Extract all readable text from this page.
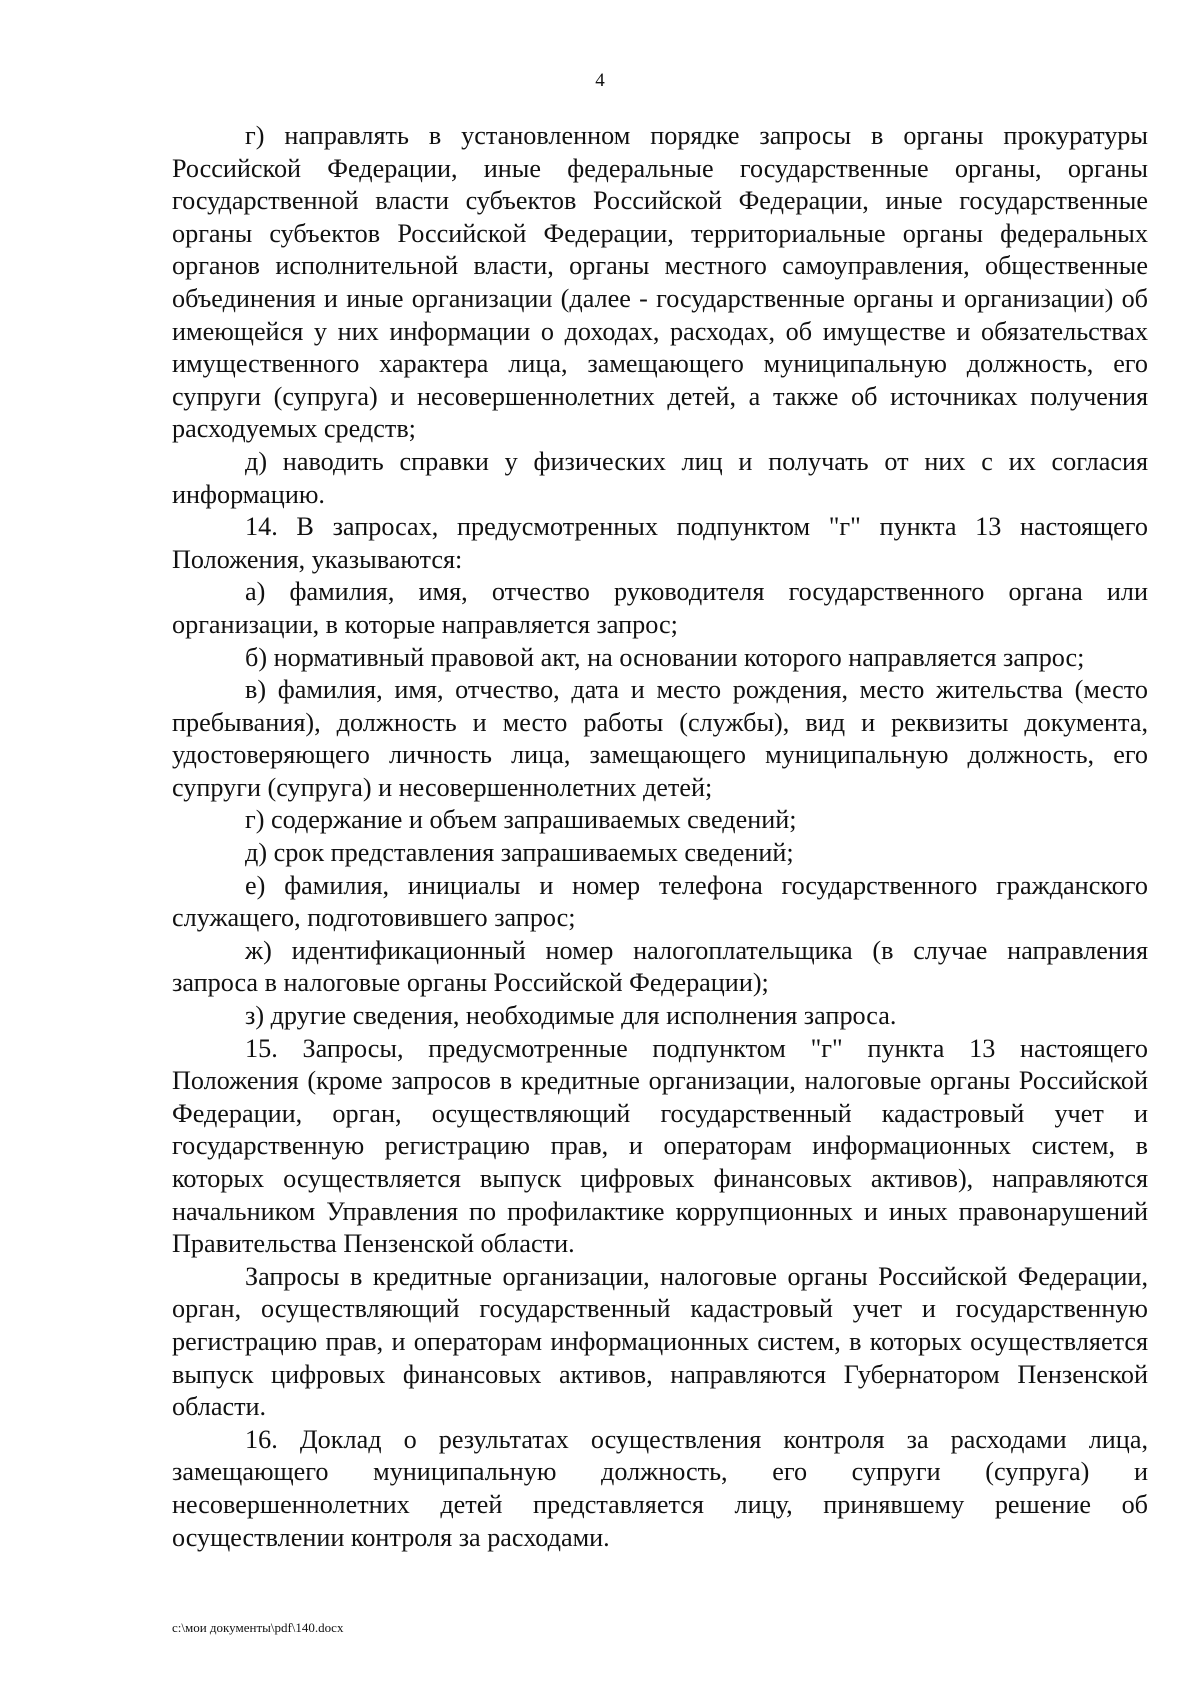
4

г) направлять в установленном порядке запросы в органы прокуратуры Российской Федерации, иные федеральные государственные органы, органы государственной власти субъектов Российской Федерации, иные государственные органы субъектов Российской Федерации, территориальные органы федеральных органов исполнительной власти, органы местного самоуправления, общественные объединения и иные организации (далее - государственные органы и организации) об имеющейся у них информации о доходах, расходах, об имуществе и обязательствах имущественного характера лица, замещающего муниципальную должность, его супруги (супруга) и несовершеннолетних детей, а также об источниках получения расходуемых средств;

д) наводить справки у физических лиц и получать от них с их согласия информацию.

14. В запросах, предусмотренных подпунктом "г" пункта 13 настоящего Положения, указываются:

а) фамилия, имя, отчество руководителя государственного органа или организации, в которые направляется запрос;

б) нормативный правовой акт, на основании которого направляется запрос;

в) фамилия, имя, отчество, дата и место рождения, место жительства (место пребывания), должность и место работы (службы), вид и реквизиты документа, удостоверяющего личность лица, замещающего муниципальную должность, его супруги (супруга) и несовершеннолетних детей;

г) содержание и объем запрашиваемых сведений;

д) срок представления запрашиваемых сведений;

е) фамилия, инициалы и номер телефона государственного гражданского служащего, подготовившего запрос;

ж) идентификационный номер налогоплательщика (в случае направления запроса в налоговые органы Российской Федерации);

з) другие сведения, необходимые для исполнения запроса.

15. Запросы, предусмотренные подпунктом "г" пункта 13 настоящего Положения (кроме запросов в кредитные организации, налоговые органы Российской Федерации, орган, осуществляющий государственный кадастровый учет и государственную регистрацию прав, и операторам информационных систем, в которых осуществляется выпуск цифровых финансовых активов), направляются начальником Управления по профилактике коррупционных и иных правонарушений Правительства Пензенской области.

Запросы в кредитные организации, налоговые органы Российской Федерации, орган, осуществляющий государственный кадастровый учет и государственную регистрацию прав, и операторам информационных систем, в которых осуществляется выпуск цифровых финансовых активов, направляются Губернатором Пензенской области.

16. Доклад о результатах осуществления контроля за расходами лица, замещающего муниципальную должность, его супруги (супруга) и несовершеннолетних детей представляется лицу, принявшему решение об осуществлении контроля за расходами.

c:\мои документы\pdf\140.docx
